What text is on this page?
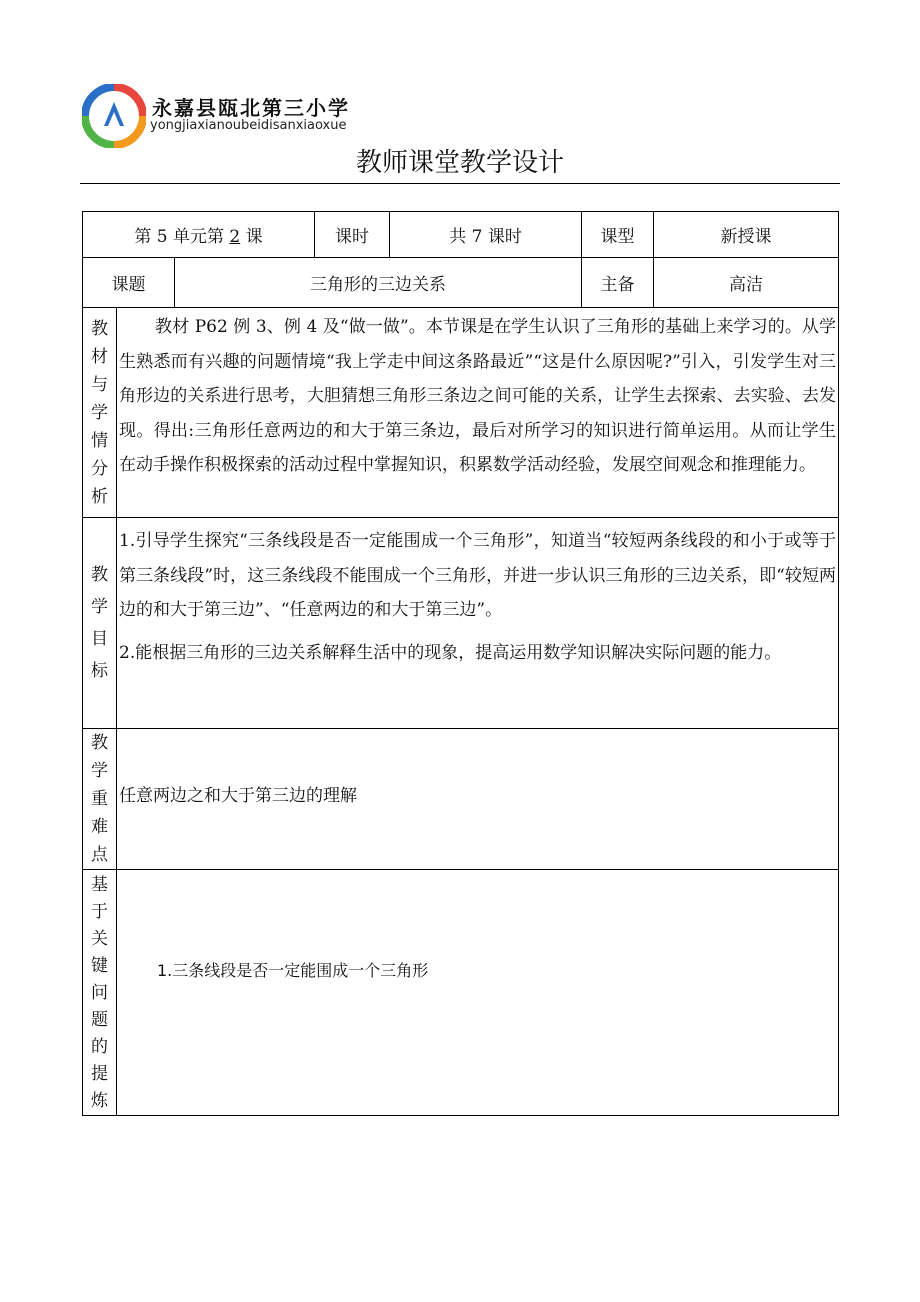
永嘉县瓯北第三小学
yongjiaxianoubeidisanxiaoxue
教师课堂教学设计
第 5 单元第 2 课			课时	共 7 课时	课型	新授课
课题		三角形的三边关系			主备	高洁

教材与学情分析	教材 P62 例 3、例 4 及“做一做”。本节课是在学生认识了三角形的基础上来学习的。从学生熟悉而有兴趣的问题情境“我上学走中间这条路最近”“这是什么原因呢?”引入，引发学生对三角形边的关系进行思考，大胆猜想三角形三条边之间可能的关系，让学生去探索、去实验、去发现。得出:三角形任意两边的和大于第三条边，最后对所学习的知识进行简单运用。从而让学生在动手操作积极探索的活动过程中掌握知识，积累数学活动经验，发展空间观念和推理能力。					

教学目标	1.引导学生探究“三条线段是否一定能围成一个三角形”，知道当“较短两条线段的和小于或等于第三条线段”时，这三条线段不能围成一个三角形，并进一步认识三角形的三边关系，即“较短两边的和大于第三边”、“任意两边的和大于第三边”。
2.能根据三角形的三边关系解释生活中的现象，提高运用数学知识解决实际问题的能力。					

教学重难点	任意两边之和大于第三边的理解					

基于关键问题的提炼	1.三条线段是否一定能围成一个三角形					
